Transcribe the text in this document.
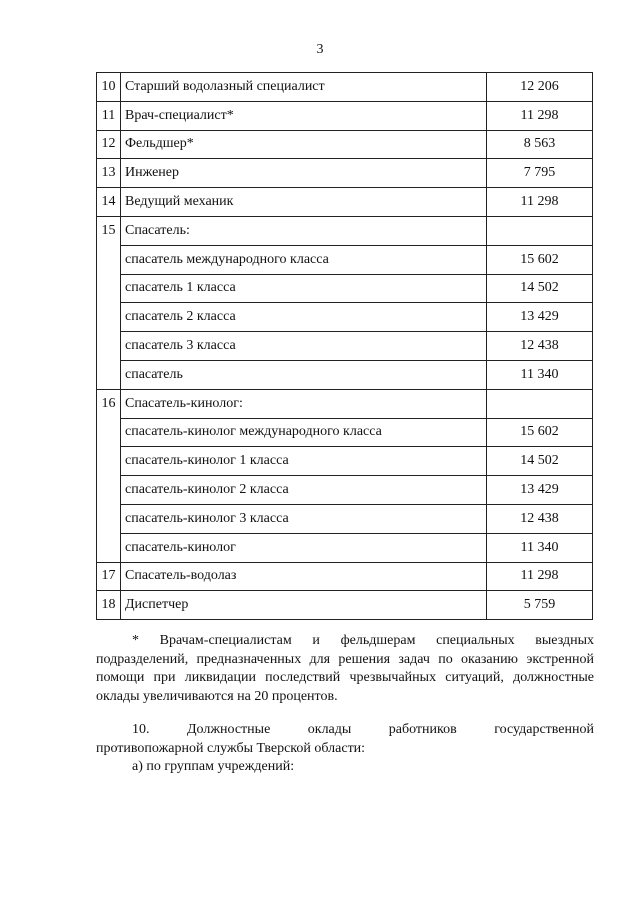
3
10	Старший водолазный специалист	12 206
11	Врач-специалист*	11 298
12	Фельдшер*	8 563
13	Инженер	7 795
14	Ведущий механик	11 298
15	Спасатель:	
	спасатель международного класса	15 602
	спасатель 1 класса	14 502
	спасатель 2 класса	13 429
	спасатель 3 класса	12 438
	спасатель	11 340
16	Спасатель-кинолог:	
	спасатель-кинолог международного класса	15 602
	спасатель-кинолог 1 класса	14 502
	спасатель-кинолог 2 класса	13 429
	спасатель-кинолог 3 класса	12 438
	спасатель-кинолог	11 340
17	Спасатель-водолаз	11 298
18	Диспетчер	5 759
* Врачам-специалистам и фельдшерам специальных выездных
подразделений, предназначенных для решения задач по оказанию экстренной
помощи при ликвидации последствий чрезвычайных ситуаций, должностные
оклады увеличиваются на 20 процентов.
10. Должностные оклады работников государственной
противопожарной службы Тверской области:
а) по группам учреждений:
